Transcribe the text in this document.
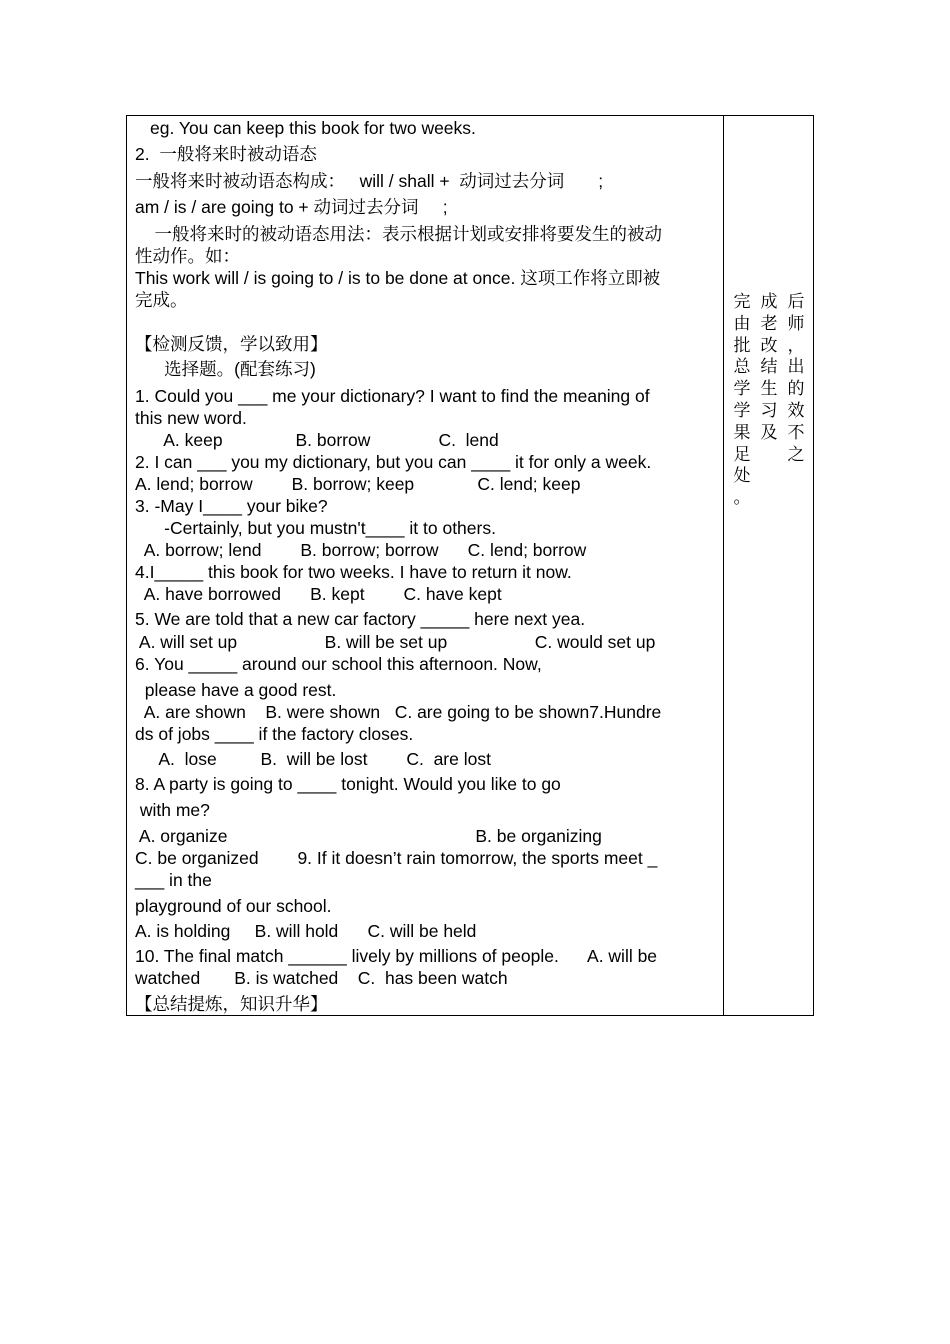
eg. You can keep this book for two weeks.
2.  一般将来时被动语态
一般将来时被动语态构成：   will / shall +  动词过去分词       ;
am / is / are going to + 动词过去分词     ;
一般将来时的被动语态用法：表示根据计划或安排将要发生的被动
性动作。如：
This work will / is going to / is to be done at once. 这项工作将立即被
完成。
【检测反馈，学以致用】
选择题。(配套练习)
1. Could you ___ me your dictionary? I want to find the meaning of
this new word.
A. keep               B. borrow              C.  lend
2. I can ___ you my dictionary, but you can ____ it for only a week.
A. lend; borrow        B. borrow; keep             C. lend; keep
3. -May I____ your bike?
-Certainly, but you mustn't____ it to others.
A. borrow; lend        B. borrow; borrow      C. lend; borrow
4.I_____ this book for two weeks. I have to return it now.
A. have borrowed      B. kept        C. have kept
5. We are told that a new car factory _____ here next yea.
A. will set up                  B. will be set up                  C. would set up
6. You _____ around our school this afternoon. Now,
please have a good rest.
A. are shown    B. were shown   C. are going to be shown7.Hundre
ds of jobs ____ if the factory closes.
A.  lose         B.  will be lost        C.  are lost
8. A party is going to ____ tonight. Would you like to go
with me?
A. organize                                                   B. be organizing
C. be organized        9. If it doesn’t rain tomorrow, the sports meet _
___ in the
playground of our school.
A. is holding     B. will hold      C. will be held
10. The final match ______ lively by millions of people.      A. will be
watched       B. is watched    C.  has been watch
【总结提炼，知识升华】
完
由
批
总
学
学
果
足
处
。
成
老
改
结
生
习
及
后
师
，
出
的
效
不
之
